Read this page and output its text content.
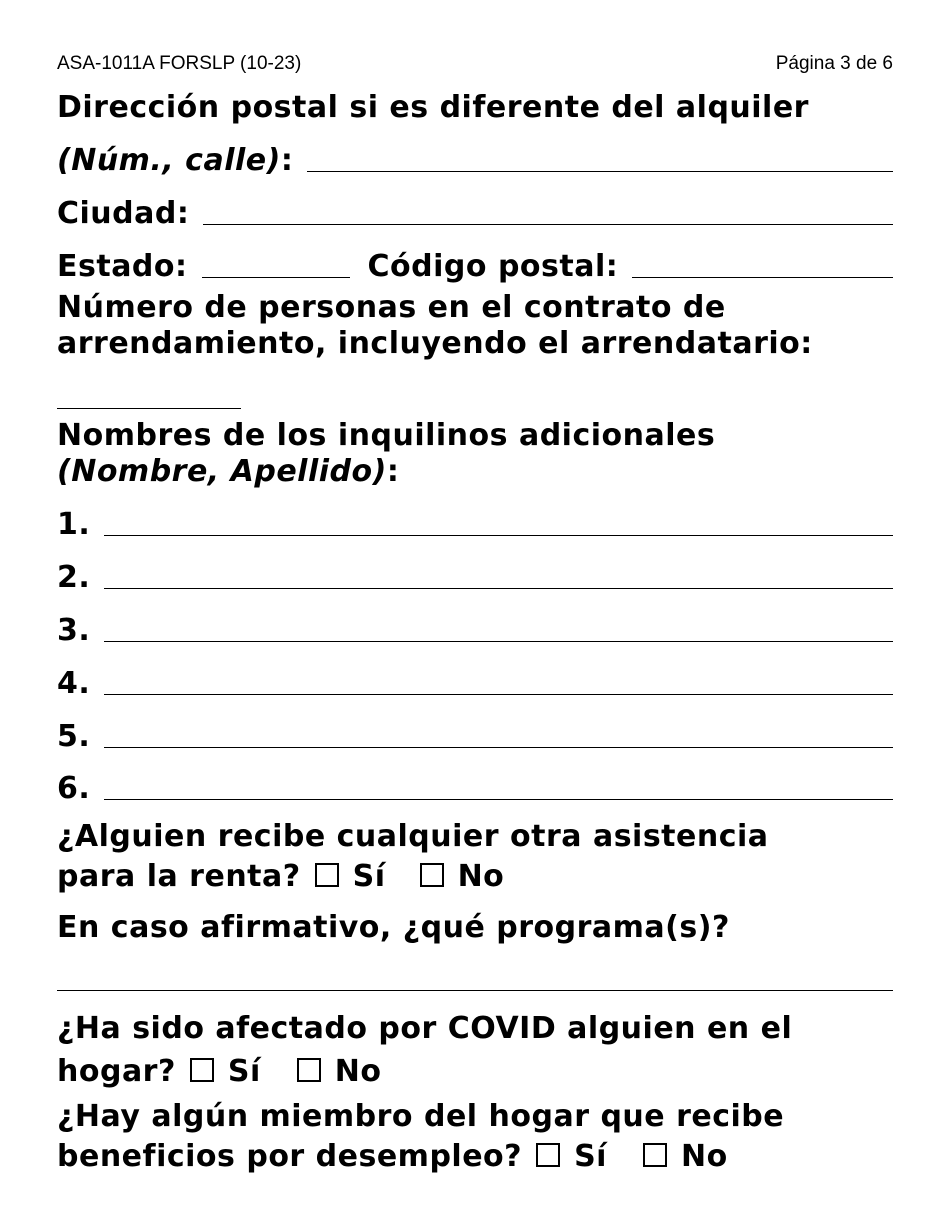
ASA-1011A FORSLP (10-23)	Página 3 de 6
Dirección postal si es diferente del alquiler
(Núm., calle):
Ciudad:
Estado:	Código postal:
Número de personas en el contrato de
arrendamiento, incluyendo el arrendatario:
Nombres de los inquilinos adicionales
(Nombre, Apellido):
1.
2.
3.
4.
5.
6.
¿Alguien recibe cualquier otra asistencia
para la renta? Sí No
En caso afirmativo, ¿qué programa(s)?
¿Ha sido afectado por COVID alguien en el
hogar? Sí No
¿Hay algún miembro del hogar que recibe
beneficios por desempleo? Sí No
